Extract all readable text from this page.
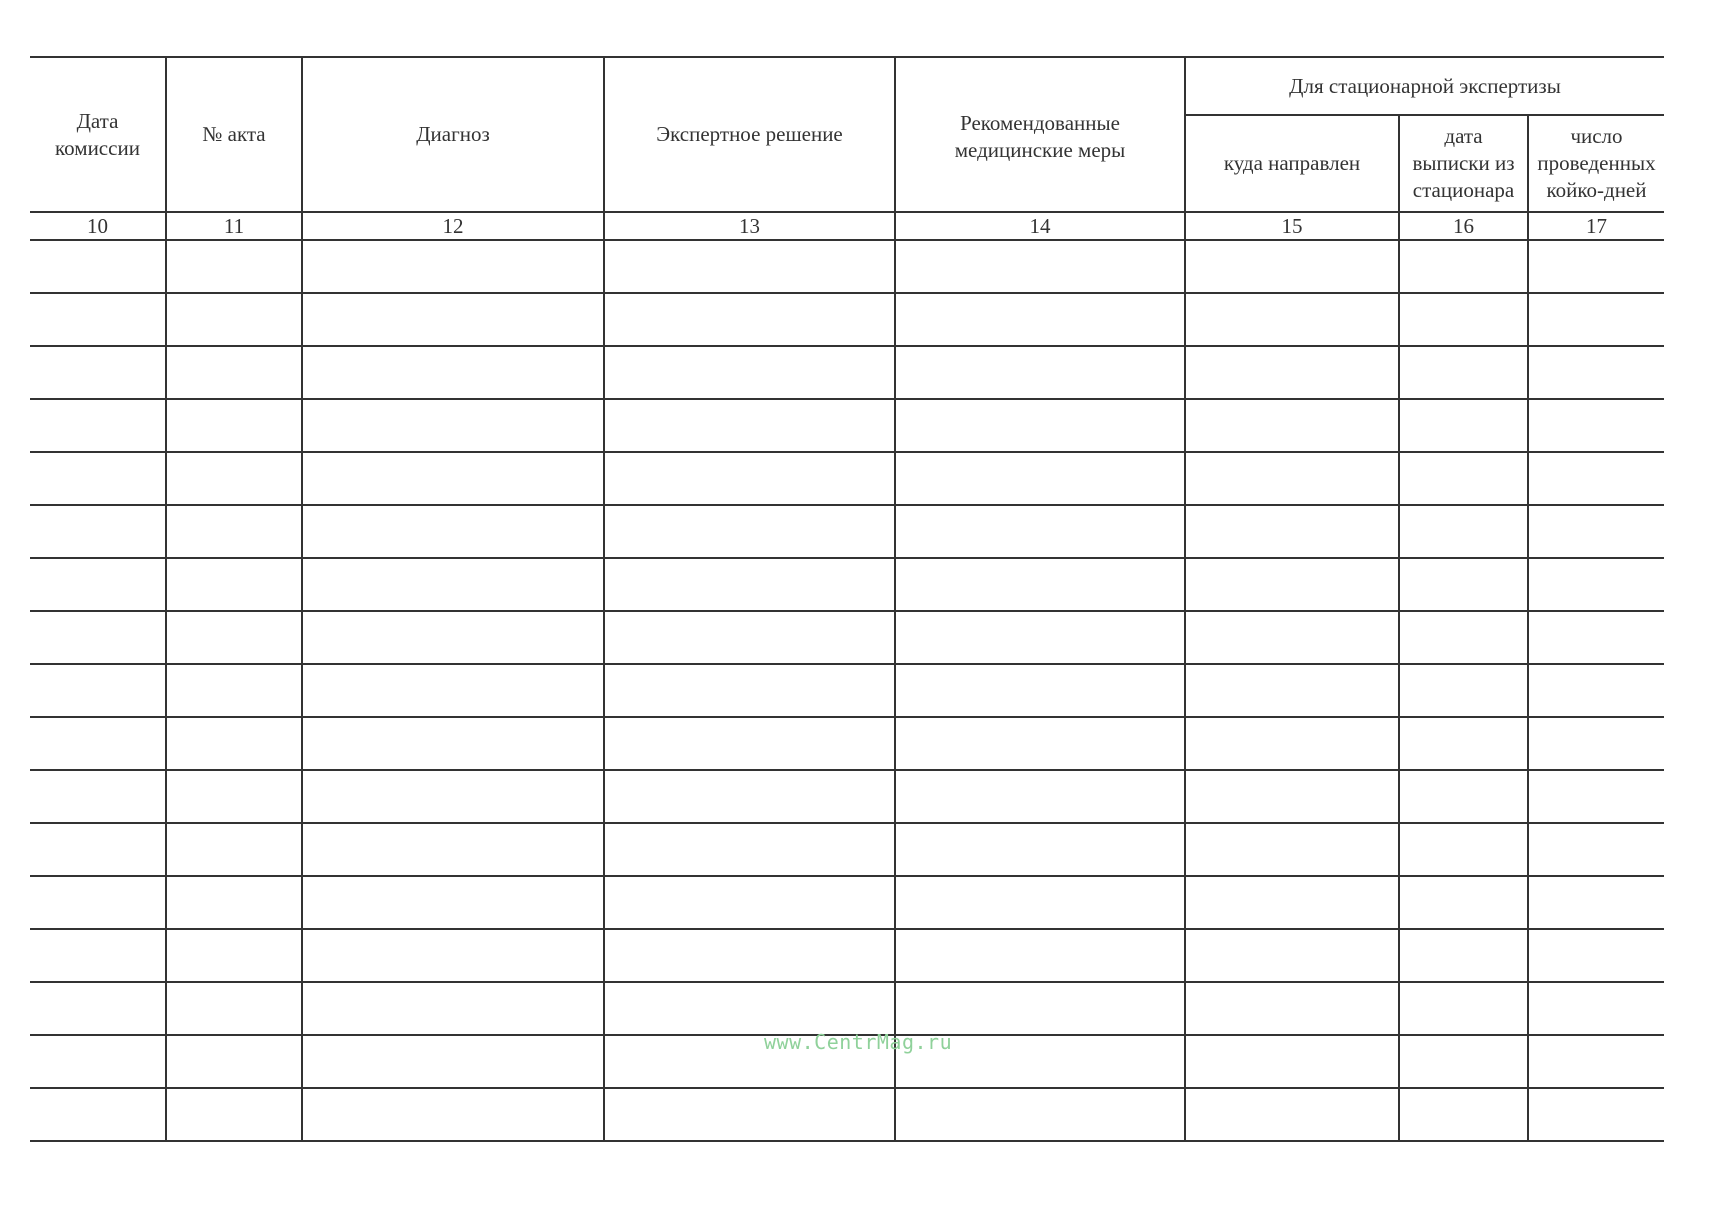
Дата комиссии	№ акта	Диагноз	Экспертное решение	Рекомендованные медицинские меры	Для стационарной экспертизы		
					куда направлен	дата выписки из стационара	число проведенных койко-дней

10	11	12	13	14	15	16	17

www.CentrMag.ru
